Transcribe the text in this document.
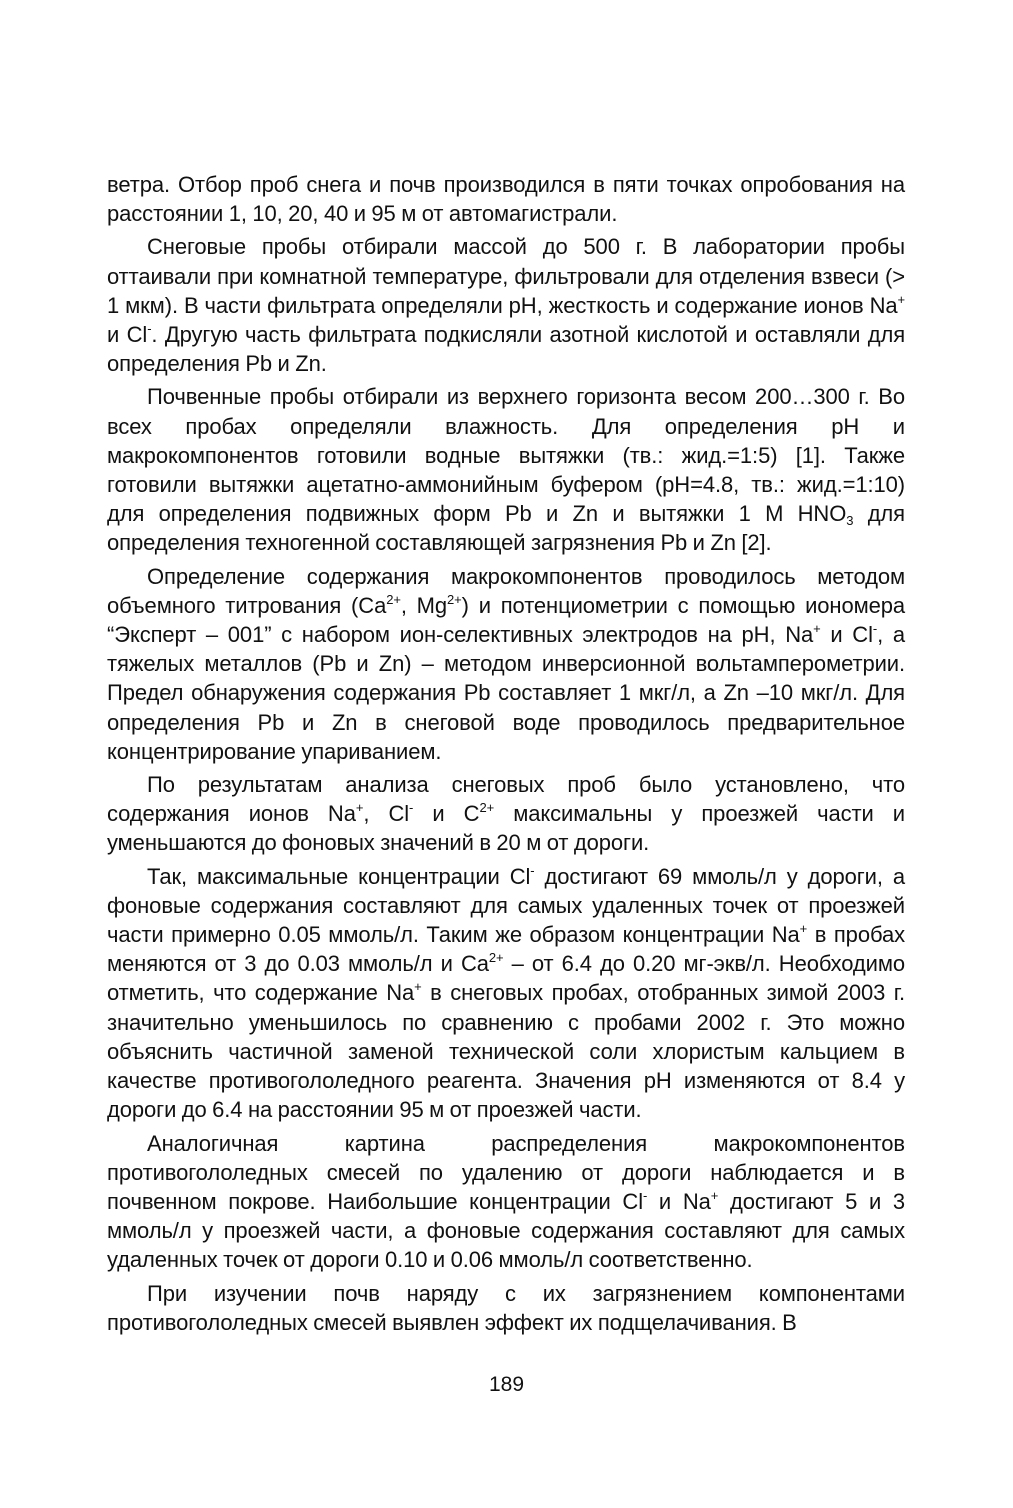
ветра. Отбор проб снега и почв производился в пяти точках опробования на расстоянии 1, 10, 20, 40 и 95 м от автомагистрали.

Снеговые пробы отбирали массой до 500 г. В лаборатории пробы оттаивали при комнатной температуре, фильтровали для отделения взвеси (> 1 мкм). В части фильтрата определяли pH, жесткость и содержание ионов Na+ и Cl-. Другую часть фильтрата подкисляли азотной кислотой и оставляли для определения Pb и Zn.

Почвенные пробы отбирали из верхнего горизонта весом 200…300 г. Во всех пробах определяли влажность. Для определения pH и макрокомпонентов готовили водные вытяжки (тв.: жид.=1:5) [1]. Также готовили вытяжки ацетатно-аммонийным буфером (pH=4.8, тв.: жид.=1:10) для определения подвижных форм Pb и Zn и вытяжки 1 М $HNO_3$ для определения техногенной составляющей загрязнения Pb и Zn [2].

Определение содержания макрокомпонентов проводилось методом объемного титрования ($Ca^{2+}$, $Mg^{2+}$) и потенциометрии с помощью иономера “Эксперт – 001” с набором ион-селективных электродов на pH, Na+ и Cl-, а тяжелых металлов (Pb и Zn) – методом инверсионной вольтамперометрии. Предел обнаружения содержания Pb составляет 1 мкг/л, а Zn –10 мкг/л. Для определения Pb и Zn в снеговой воде проводилось предварительное концентрирование упариванием.

По результатам анализа снеговых проб было установлено, что содержания ионов Na+, Cl- и $C^{2+}$ максимальны у проезжей части и уменьшаются до фоновых значений в 20 м от дороги.

Так, максимальные концентрации Cl- достигают 69 ммоль/л у дороги, а фоновые содержания составляют для самых удаленных точек от проезжей части примерно 0.05 ммоль/л. Таким же образом концентрации Na+ в пробах меняются от 3 до 0.03 ммоль/л и $Ca^{2+}$ – от 6.4 до 0.20 мг-экв/л. Необходимо отметить, что содержание Na+ в снеговых пробах, отобранных зимой 2003 г. значительно уменьшилось по сравнению с пробами 2002 г. Это можно объяснить частичной заменой технической соли хлористым кальцием в качестве противогололедного реагента. Значения pH изменяются от 8.4 у дороги до 6.4 на расстоянии 95 м от проезжей части.

Аналогичная картина распределения макрокомпонентов противогололедных смесей по удалению от дороги наблюдается и в почвенном покрове. Наибольшие концентрации Cl- и Na+ достигают 5 и 3 ммоль/л у проезжей части, а фоновые содержания составляют для самых удаленных точек от дороги 0.10 и 0.06 ммоль/л соответственно.

При изучении почв наряду с их загрязнением компонентами противогололедных смесей выявлен эффект их подщелачивания. В

189
